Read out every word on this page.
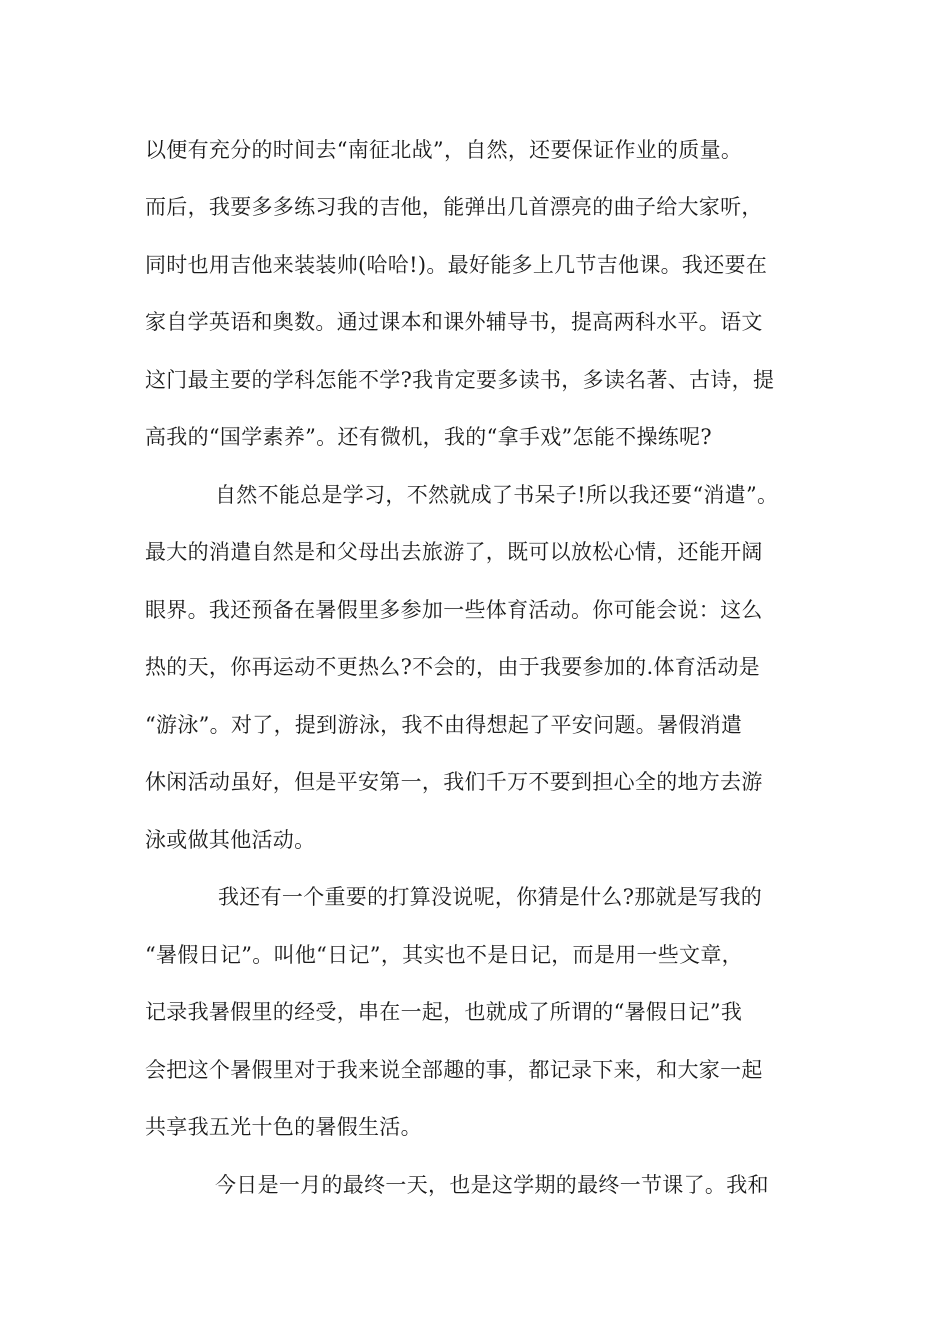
以便有充分的时间去“南征北战”，自然，还要保证作业的质量。
而后，我要多多练习我的吉他，能弹出几首漂亮的曲子给大家听，
同时也用吉他来装装帅(哈哈!)。最好能多上几节吉他课。我还要在
家自学英语和奥数。通过课本和课外辅导书，提高两科水平。语文
这门最主要的学科怎能不学?我肯定要多读书，多读名著、古诗，提
高我的“国学素养”。还有微机，我的“拿手戏”怎能不操练呢?
自然不能总是学习，不然就成了书呆子!所以我还要“消遣”。
最大的消遣自然是和父母出去旅游了，既可以放松心情，还能开阔
眼界。我还预备在暑假里多参加一些体育活动。你可能会说：这么
热的天，你再运动不更热么?不会的，由于我要参加的.体育活动是
“游泳”。对了，提到游泳，我不由得想起了平安问题。暑假消遣
休闲活动虽好，但是平安第一，我们千万不要到担心全的地方去游
泳或做其他活动。
我还有一个重要的打算没说呢，你猜是什么?那就是写我的
“暑假日记”。叫他“日记”，其实也不是日记，而是用一些文章，
记录我暑假里的经受，串在一起，也就成了所谓的“暑假日记”我
会把这个暑假里对于我来说全部趣的事，都记录下来，和大家一起
共享我五光十色的暑假生活。
今日是一月的最终一天，也是这学期的最终一节课了。我和
